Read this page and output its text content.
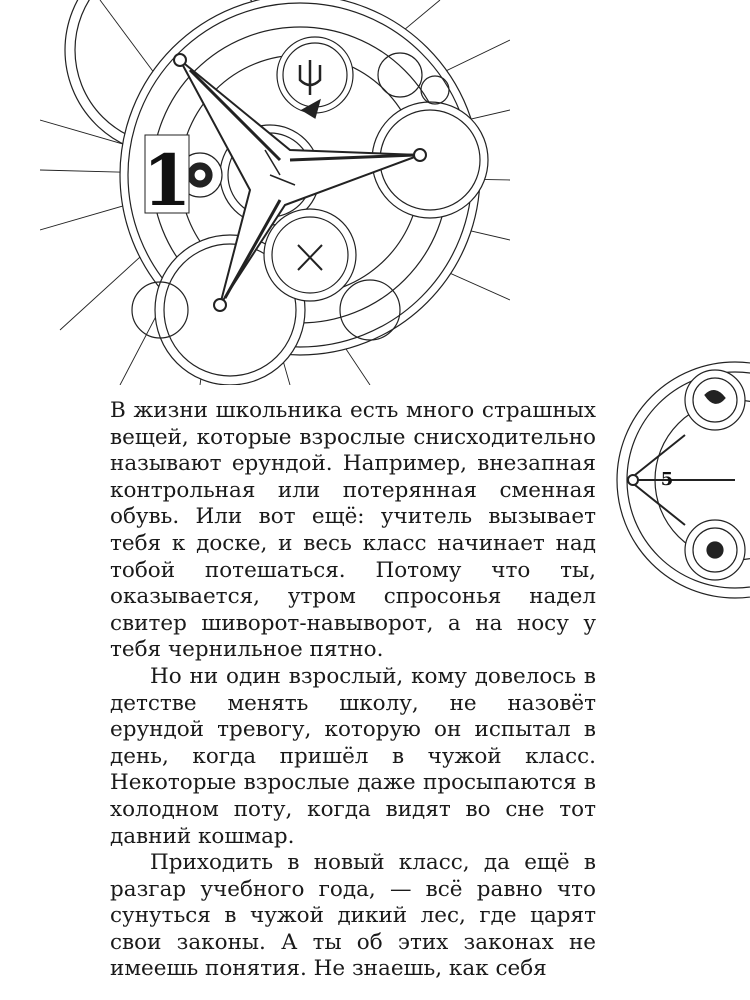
1
5

В жизни школьника есть много страшных вещей, которые взрослые снисходительно называют ерундой. Например, внезапная контрольная или потерянная сменная обувь. Или вот ещё: учитель вызывает тебя к доске, и весь класс начинает над тобой потешаться. Потому что ты, оказывается, утром спросонья надел свитер шиворот-навыворот, а на носу у тебя чернильное пятно.

Но ни один взрослый, кому довелось в детстве менять школу, не назовёт ерундой тревогу, которую он испытал в день, когда пришёл в чужой класс. Некоторые взрослые даже просыпаются в холодном поту, когда видят во сне тот давний кошмар.

Приходить в новый класс, да ещё в разгар учебного года, — всё равно что сунуться в чужой дикий лес, где царят свои законы. А ты об этих законах не имеешь понятия. Не знаешь, как себя
